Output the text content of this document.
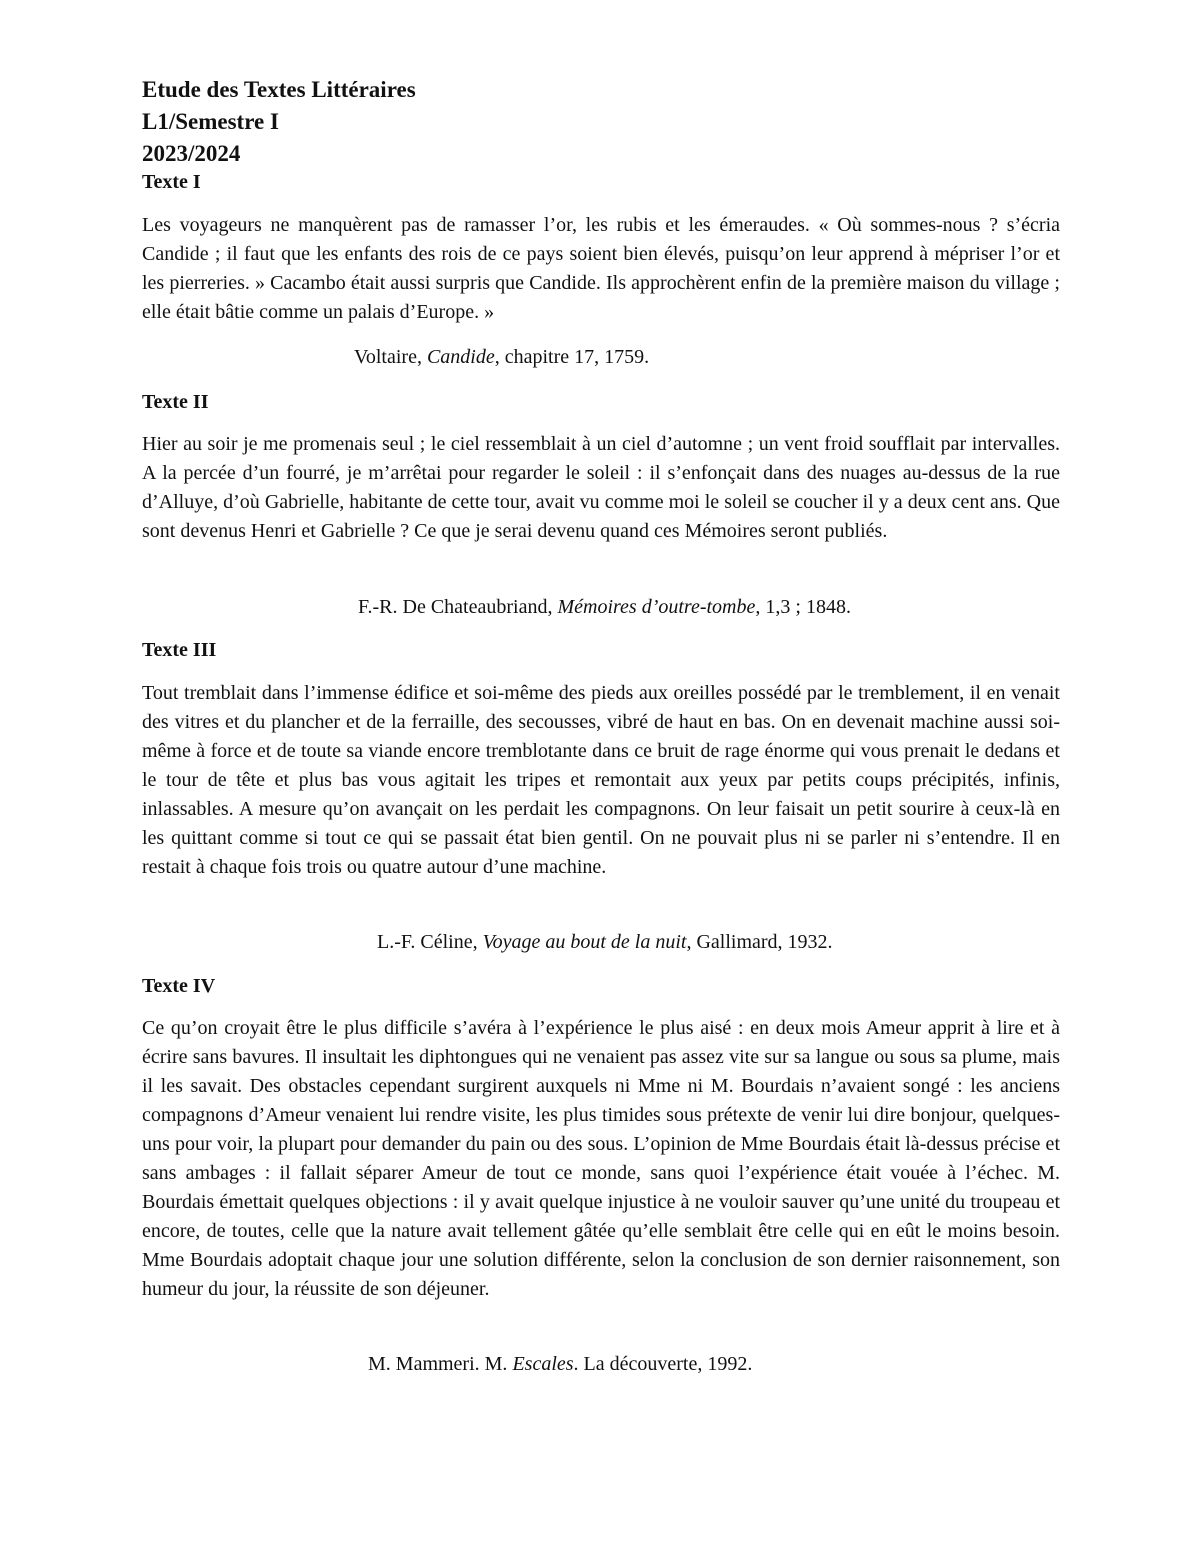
Etude des Textes Littéraires
L1/Semestre I
2023/2024
Texte I

Les voyageurs ne manquèrent pas de ramasser l’or, les rubis et les émeraudes. « Où sommes-nous ? s’écria Candide ; il faut que les enfants des rois de ce pays soient bien élevés, puisqu’on leur apprend à mépriser l’or et les pierreries. » Cacambo était aussi surpris que Candide. Ils approchèrent enfin de la première maison du village ; elle était bâtie comme un palais d’Europe. »

Voltaire, Candide, chapitre 17, 1759.
Texte II

Hier au soir je me promenais seul ; le ciel ressemblait à un ciel d’automne ; un vent froid soufflait par intervalles. A la percée d’un fourré, je m’arrêtai pour regarder le soleil : il s’enfonçait dans des nuages au-dessus de la rue d’Alluye, d’où Gabrielle, habitante de cette tour, avait vu comme moi le soleil se coucher il y a deux cent ans. Que sont devenus Henri et Gabrielle ? Ce que je serai devenu quand ces Mémoires seront publiés.

F.-R. De Chateaubriand, Mémoires d’outre-tombe, 1,3 ; 1848.
Texte III

Tout tremblait dans l’immense édifice et soi-même des pieds aux oreilles possédé par le tremblement, il en venait des vitres et du plancher et de la ferraille, des secousses, vibré de haut en bas. On en devenait machine aussi soi-même à force et de toute sa viande encore tremblotante dans ce bruit de rage énorme qui vous prenait le dedans et le tour de tête et plus bas vous agitait les tripes et remontait aux yeux par petits coups précipités, infinis, inlassables. A mesure qu’on avançait on les perdait les compagnons. On leur faisait un petit sourire à ceux-là en les quittant comme si tout ce qui se passait état bien gentil. On ne pouvait plus ni se parler ni s’entendre. Il en restait à chaque fois trois ou quatre autour d’une machine.

L.-F. Céline, Voyage au bout de la nuit, Gallimard, 1932.
Texte IV

Ce qu’on croyait être le plus difficile s’avéra à l’expérience le plus aisé : en deux mois Ameur apprit à lire et à écrire sans bavures. Il insultait les diphtongues qui ne venaient pas assez vite sur sa langue ou sous sa plume, mais il les savait. Des obstacles cependant surgirent auxquels ni Mme ni M. Bourdais n’avaient songé : les anciens compagnons d’Ameur venaient lui rendre visite, les plus timides sous prétexte de venir lui dire bonjour, quelques-uns pour voir, la plupart pour demander du pain ou des sous. L’opinion de Mme Bourdais était là-dessus précise et sans ambages : il fallait séparer Ameur de tout ce monde, sans quoi l’expérience était vouée à l’échec. M. Bourdais émettait quelques objections : il y avait quelque injustice à ne vouloir sauver qu’une unité du troupeau et encore, de toutes, celle que la nature avait tellement gâtée qu’elle semblait être celle qui en eût le moins besoin. Mme Bourdais adoptait chaque jour une solution différente, selon la conclusion de son dernier raisonnement, son humeur du jour, la réussite de son déjeuner.

M. Mammeri. M. Escales. La découverte, 1992.
